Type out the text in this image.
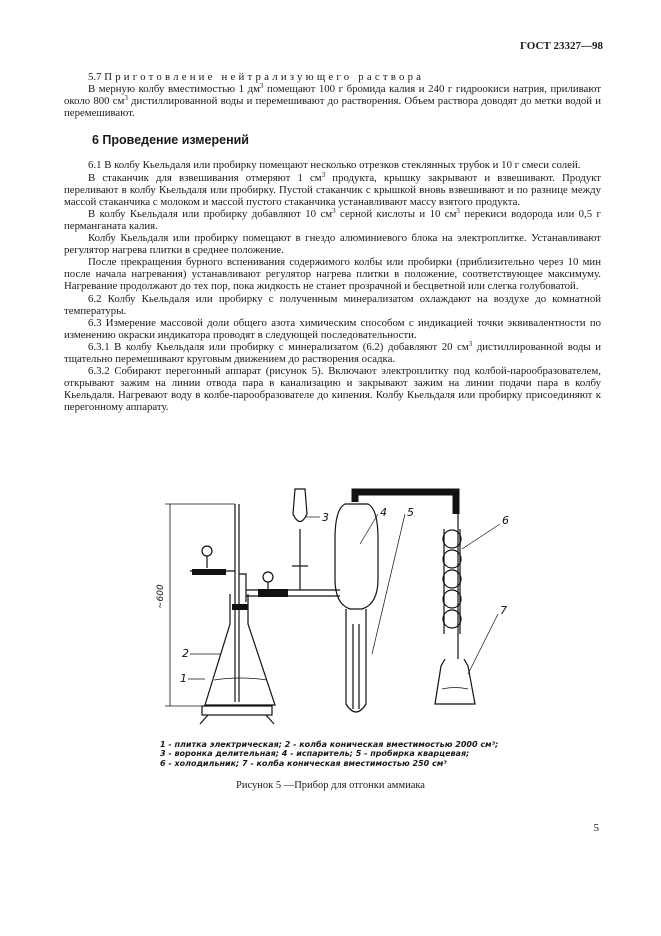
ГОСТ 23327—98

5.7 Приготовление нейтрализующего раствора

В мерную колбу вместимостью 1 $дм^3$ помещают 100 г бромида калия и 240 г гидроокиси натрия, приливают около 800 $см^3$ дистиллированной воды и перемешивают до растворения. Объем раствора доводят до метки водой и перемешивают.

6 Проведение измерений

6.1 В колбу Кьельдаля или пробирку помещают несколько отрезков стеклянных трубок и 10 г смеси солей.

В стаканчик для взвешивания отмеряют 1 $см^3$ продукта, крышку закрывают и взвешивают. Продукт переливают в колбу Кьельдаля или пробирку. Пустой стаканчик с крышкой вновь взвешивают и по разнице между массой стаканчика с молоком и массой пустого стаканчика устанавливают массу взятого продукта.

В колбу Кьельдаля или пробирку добавляют 10 $см^3$ серной кислоты и 10 $см^3$ перекиси водорода или 0,5 г перманганата калия.

Колбу Кьельдаля или пробирку помещают в гнездо алюминиевого блока на электроплитке. Устанавливают регулятор нагрева плитки в среднее положение.

После прекращения бурного вспенивания содержимого колбы или пробирки (приблизительно через 10 мин после начала нагревания) устанавливают регулятор нагрева плитки в положение, соответствующее максимуму. Нагревание продолжают до тех пор, пока жидкость не станет прозрачной и бесцветной или слегка голубоватой.

6.2 Колбу Кьельдаля или пробирку с полученным минерализатом охлаждают на воздухе до комнатной температуры.

6.3 Измерение массовой доли общего азота химическим способом с индикацией точки эквивалентности по изменению окраски индикатора проводят в следующей последовательности.

6.3.1 В колбу Кьельдаля или пробирку с минерализатом (6.2) добавляют 20 $см^3$ дистиллированной воды и тщательно перемешивают круговым движением до растворения осадка.

6.3.2 Собирают перегонный аппарат (рисунок 5). Включают электроплитку под колбой-парообразователем, открывают зажим на линии отвода пара в канализацию и закрывают зажим на линии подачи пара в колбу Кьельдаля. Нагревают воду в колбе-парообразователе до кипения. Колбу Кьельдаля или пробирку присоединяют к перегонному аппарату.

1
2
3	4 5
6
7
~600
1 - плитка электрическая; 2 - колба коническая вместимостью 2000 см³;
3 - воронка делительная; 4 - испаритель; 5 - пробирка кварцевая;
6 - холодильник; 7 - колба коническая вместимостью 250 см³
Рисунок 5 —Прибор для отгонки аммиака
5
